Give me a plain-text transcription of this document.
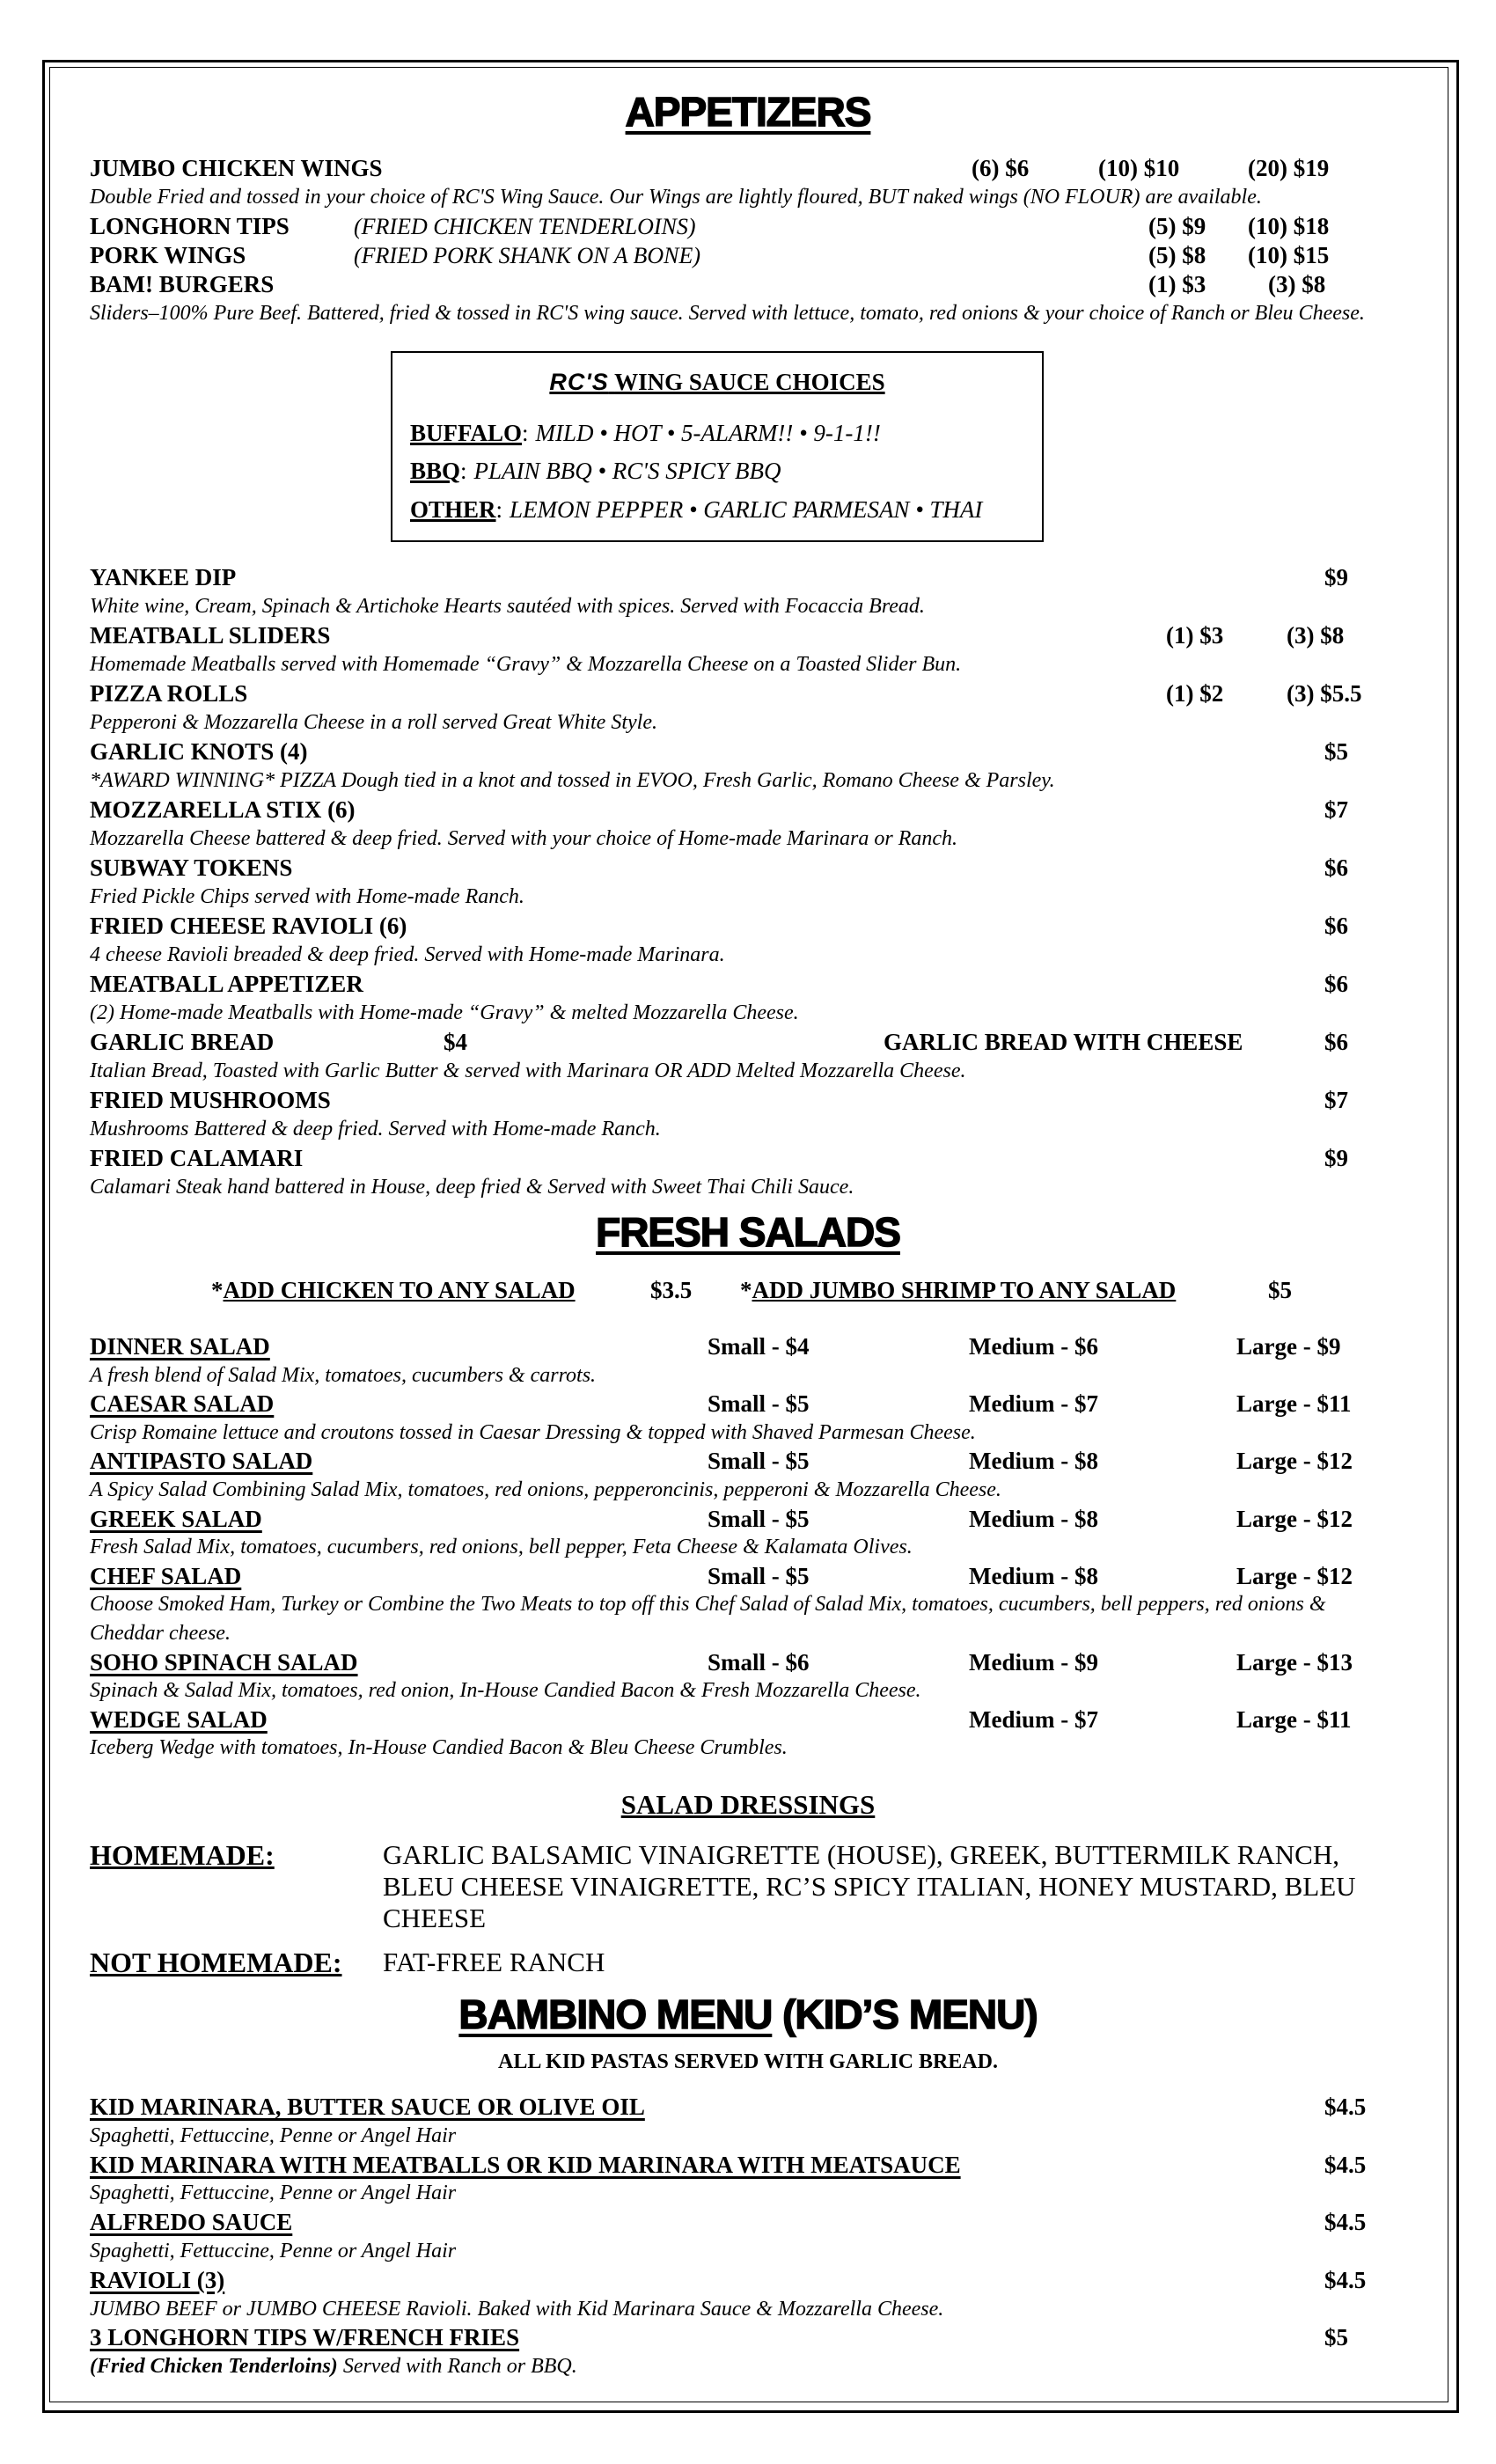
APPETIZERS
JUMBO CHICKEN WINGS	(6) $6	(10) $10	(20) $19
Double Fried and tossed in your choice of RC'S Wing Sauce. Our Wings are lightly floured, BUT naked wings (NO FLOUR) are available.
LONGHORN TIPS	(FRIED CHICKEN TENDERLOINS)	(5) $9 (10) $18
PORK WINGS	(FRIED PORK SHANK ON A BONE)	(5) $8 (10) $15
BAM! BURGERS	(1) $3	(3) $8
Sliders–100% Pure Beef. Battered, fried & tossed in RC'S wing sauce. Served with lettuce, tomato, red onions & your choice of Ranch or Bleu Cheese.
RC'S WING SAUCE CHOICES
BUFFALO: MILD • HOT • 5-ALARM!! • 9-1-1!!
BBQ: PLAIN BBQ • RC'S SPICY BBQ
OTHER: LEMON PEPPER • GARLIC PARMESAN • THAI
YANKEE DIP	$9
White wine, Cream, Spinach & Artichoke Hearts sautéed with spices. Served with Focaccia Bread.
MEATBALL SLIDERS	(1) $3	(3) $8
Homemade Meatballs served with Homemade “Gravy” & Mozzarella Cheese on a Toasted Slider Bun.
PIZZA ROLLS	(1) $2	(3) $5.5
Pepperoni & Mozzarella Cheese in a roll served Great White Style.
GARLIC KNOTS (4)	$5
*AWARD WINNING* PIZZA Dough tied in a knot and tossed in EVOO, Fresh Garlic, Romano Cheese & Parsley.
MOZZARELLA STIX (6)	$7
Mozzarella Cheese battered & deep fried. Served with your choice of Home-made Marinara or Ranch.
SUBWAY TOKENS	$6
Fried Pickle Chips served with Home-made Ranch.
FRIED CHEESE RAVIOLI (6)	$6
4 cheese Ravioli breaded & deep fried. Served with Home-made Marinara.
MEATBALL APPETIZER	$6
(2) Home-made Meatballs with Home-made “Gravy” & melted Mozzarella Cheese.
GARLIC BREAD	$4	GARLIC BREAD WITH CHEESE	$6
Italian Bread, Toasted with Garlic Butter & served with Marinara OR ADD Melted Mozzarella Cheese.
FRIED MUSHROOMS	$7
Mushrooms Battered & deep fried. Served with Home-made Ranch.
FRIED CALAMARI	$9
Calamari Steak hand battered in House, deep fried & Served with Sweet Thai Chili Sauce.
FRESH SALADS
*ADD CHICKEN TO ANY SALAD	$3.5 *ADD JUMBO SHRIMP TO ANY SALAD	$5
DINNER SALAD	Small - $4	Medium - $6	Large - $9
A fresh blend of Salad Mix, tomatoes, cucumbers & carrots.
CAESAR SALAD	Small - $5	Medium - $7	Large - $11
Crisp Romaine lettuce and croutons tossed in Caesar Dressing & topped with Shaved Parmesan Cheese.
ANTIPASTO SALAD	Small - $5	Medium - $8	Large - $12
A Spicy Salad Combining Salad Mix, tomatoes, red onions, pepperoncinis, pepperoni & Mozzarella Cheese.
GREEK SALAD	Small - $5	Medium - $8	Large - $12
Fresh Salad Mix, tomatoes, cucumbers, red onions, bell pepper, Feta Cheese & Kalamata Olives.
CHEF SALAD	Small - $5	Medium - $8	Large - $12
Choose Smoked Ham, Turkey or Combine the Two Meats to top off this Chef Salad of Salad Mix, tomatoes, cucumbers, bell peppers, red onions &
Cheddar cheese.
SOHO SPINACH SALAD	Small - $6	Medium - $9	Large - $13
Spinach & Salad Mix, tomatoes, red onion, In-House Candied Bacon & Fresh Mozzarella Cheese.
WEDGE SALAD	Medium - $7	Large - $11
Iceberg Wedge with tomatoes, In-House Candied Bacon & Bleu Cheese Crumbles.
SALAD DRESSINGS
HOMEMADE:	GARLIC BALSAMIC VINAIGRETTE (HOUSE), GREEK, BUTTERMILK RANCH,
BLEU CHEESE VINAIGRETTE, RC’S SPICY ITALIAN, HONEY MUSTARD, BLEU
CHEESE
NOT HOMEMADE: FAT-FREE RANCH
BAMBINO MENU (KID’S MENU)
ALL KID PASTAS SERVED WITH GARLIC BREAD.
KID MARINARA, BUTTER SAUCE OR OLIVE OIL	$4.5
Spaghetti, Fettuccine, Penne or Angel Hair
KID MARINARA WITH MEATBALLS OR KID MARINARA WITH MEATSAUCE	$4.5
Spaghetti, Fettuccine, Penne or Angel Hair
ALFREDO SAUCE	$4.5
Spaghetti, Fettuccine, Penne or Angel Hair
RAVIOLI (3)	$4.5
JUMBO BEEF or JUMBO CHEESE Ravioli. Baked with Kid Marinara Sauce & Mozzarella Cheese.
3 LONGHORN TIPS W/FRENCH FRIES	$5
(Fried Chicken Tenderloins) Served with Ranch or BBQ.
